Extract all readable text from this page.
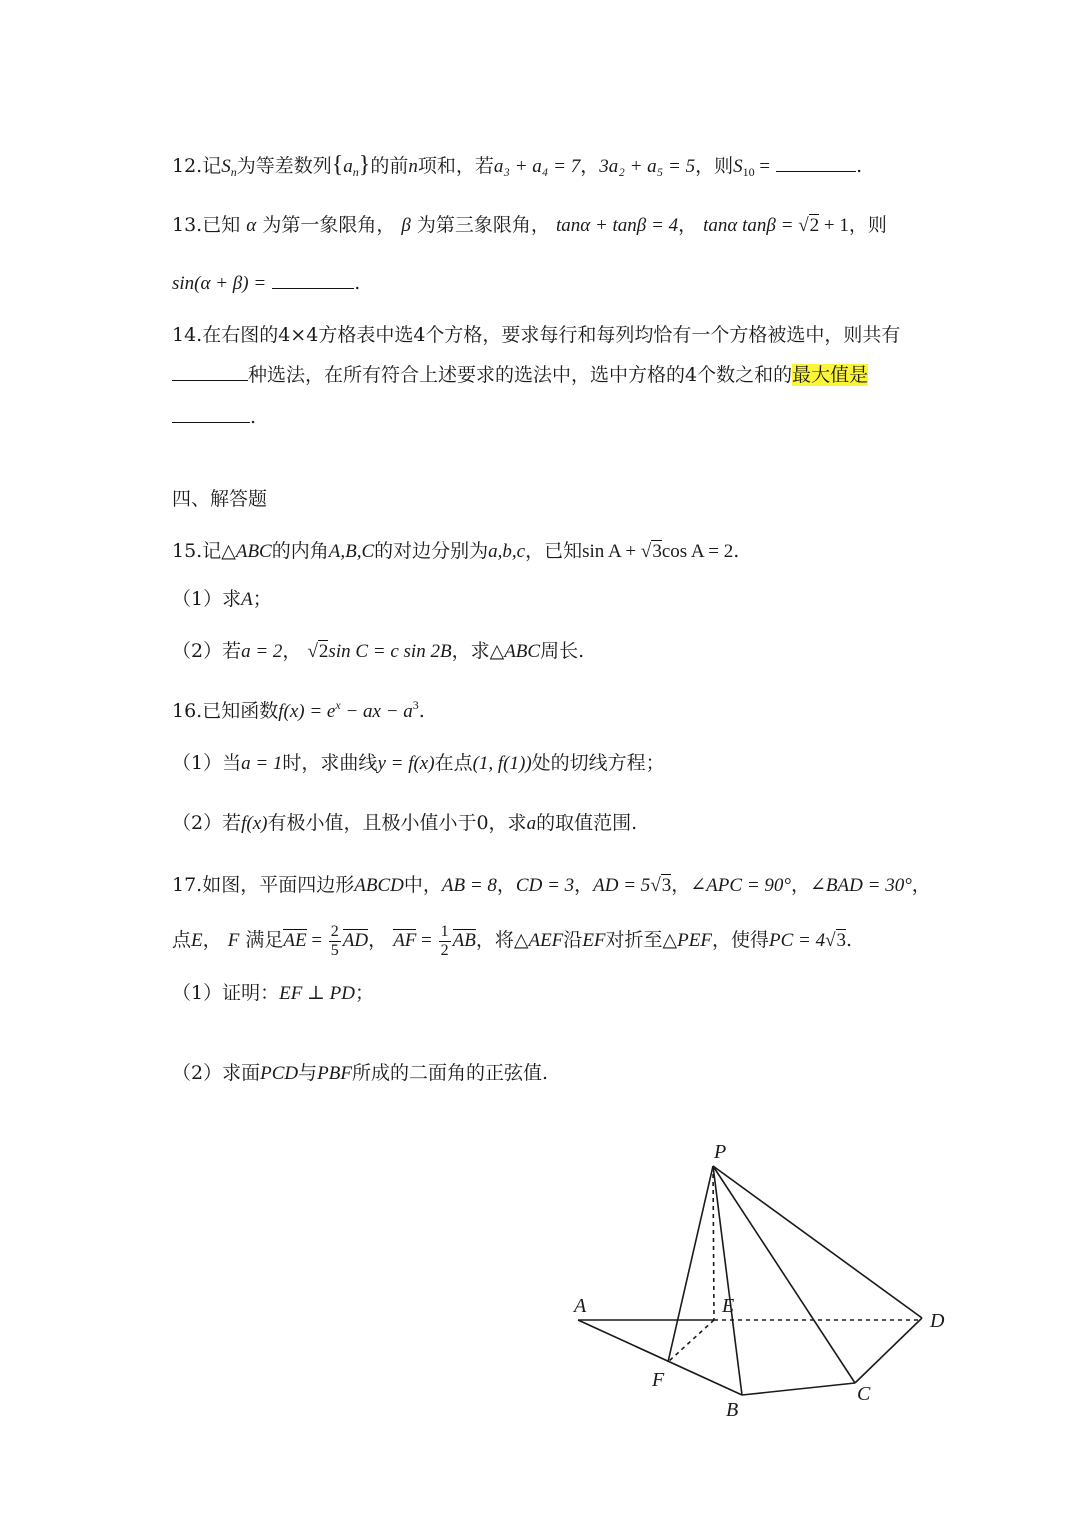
12.记$S_n$为等差数列$\{a_n\}$的前n项和，若a₃ + a₄ = 7，3a₂ + a₅ = 5，则$S_{10}$ =	.
13.已知 α 为第一象限角， β 为第三象限角， tanα + tanβ = 4， tanα tanβ = √2 + 1，则
sin(α + β) =	.
14.在右图的4×4方格表中选4个方格，要求每行和每列均恰有一个方格被选中，则共有
种选法，在所有符合上述要求的选法中，选中方格的4个数之和的最大值是
.
四、解答题
15.记△ABC的内角A,B,C的对边分别为a,b,c，已知sin A + √3cos A = 2.
（1）求A；
（2）若a = 2， √2sin C = c sin 2B，求△ABC周长.
16.已知函数$f(x) = e^x$ − ax − $a^3$.
（1）当a = 1时，求曲线y = f(x)在点(1, f(1))处的切线方程；
（2）若f(x)有极小值，且极小值小于0，求a的取值范围.
17.如图，平面四边形ABCD中，AB = 8，CD = 3，AD = 5√3，∠APC = 90°，∠BAD = 30°，
点E， F 满足AE = $\frac{2}{5}$ AD， AF = $\frac{1}{2}$ AB，将△AEF沿EF对折至△PEF，使得PC = 4√3.
（1）证明：EF ⊥ PD；
（2）求面PCD与PBF所成的二面角的正弦值.
P
A	E
D
F
B
C
